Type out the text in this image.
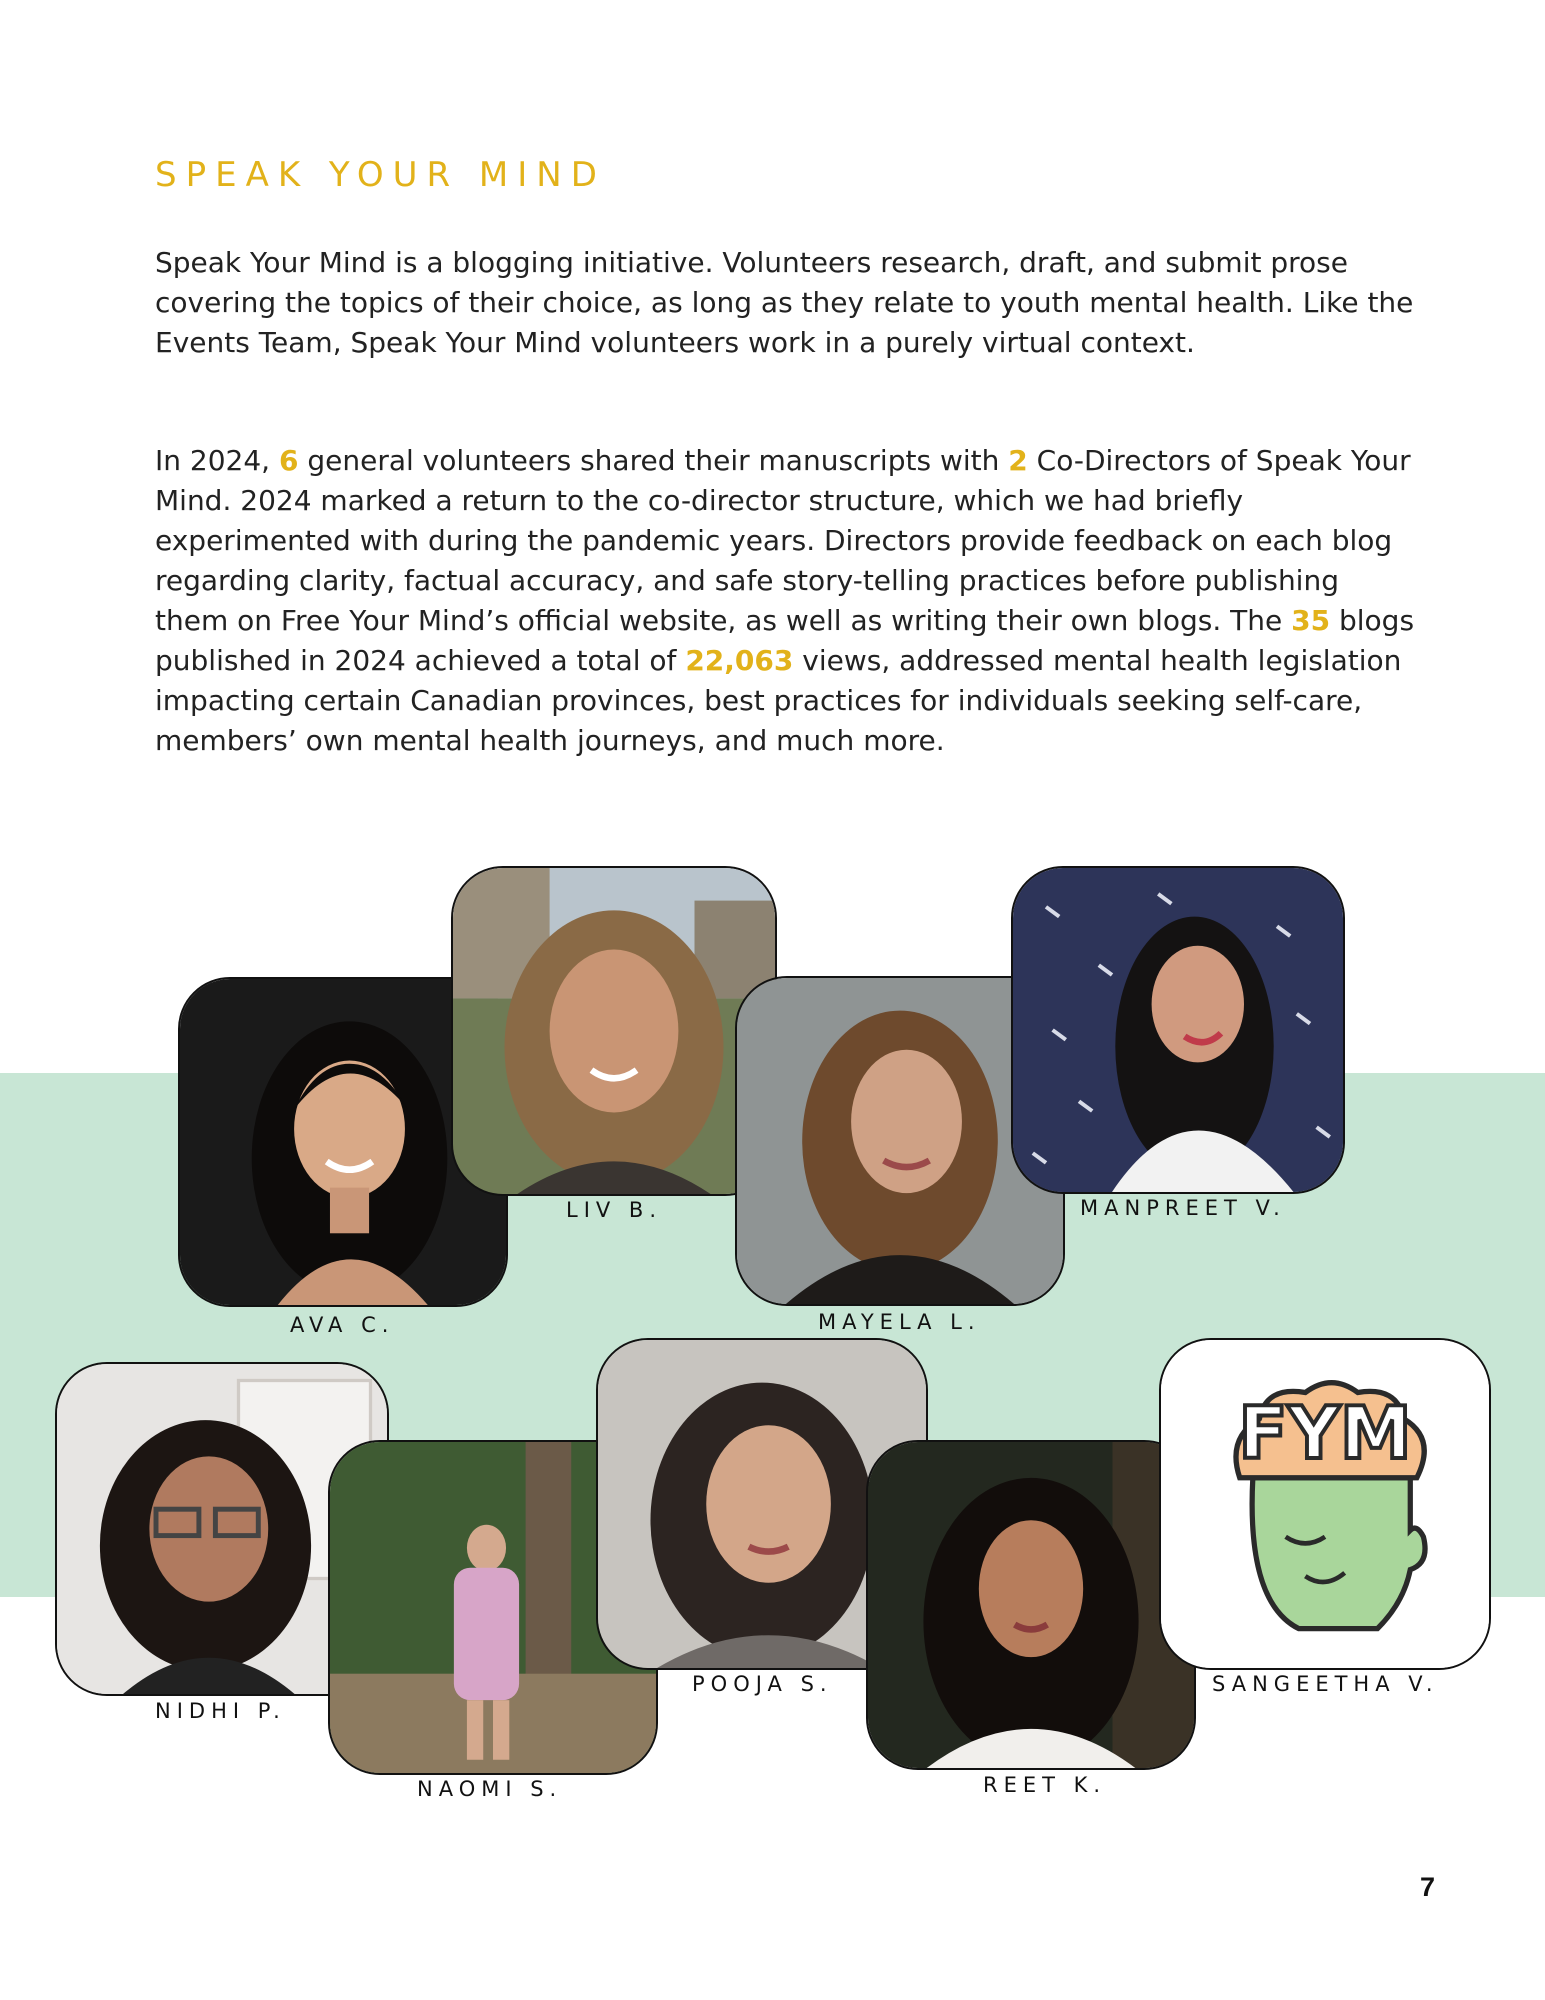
SPEAK YOUR MIND

Speak Your Mind is a blogging initiative. Volunteers research, draft, and submit prose covering the topics of their choice, as long as they relate to youth mental health. Like the Events Team, Speak Your Mind volunteers work in a purely virtual context.

In 2024, 6 general volunteers shared their manuscripts with 2 Co-Directors of Speak Your Mind. 2024 marked a return to the co-director structure, which we had briefly experimented with during the pandemic years. Directors provide feedback on each blog regarding clarity, factual accuracy, and safe story-telling practices before publishing them on Free Your Mind’s official website, as well as writing their own blogs. The 35 blogs published in 2024 achieved a total of 22,063 views, addressed mental health legislation impacting certain Canadian provinces, best practices for individuals seeking self-care, members’ own mental health journeys, and much more.

AVA C.
LIV B.
MAYELA L.
MANPREET V.
NIDHI P.
NAOMI S.
POOJA S.
REET K.
FYM
SANGEETHA V.
7
